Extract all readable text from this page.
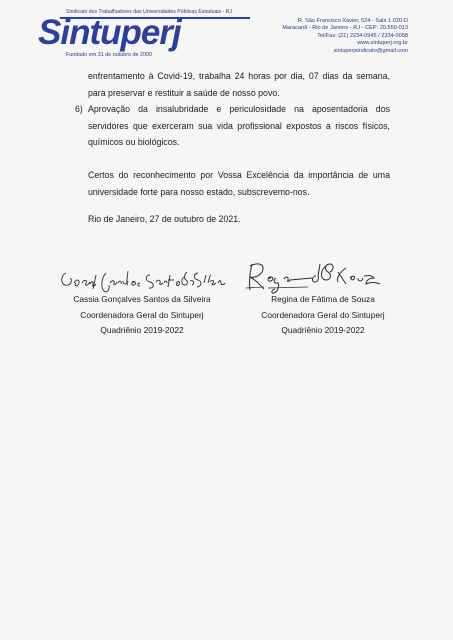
Sindicato dos Trabalhadores das Universidades Públicas Estaduais - RJ
Sintuperj
Fundado em 31 de outubro de 2000
R. São Francisco Xavier, 524 - Sala 1.020-D
Maracanã - Rio de Janeiro - RJ - CEP: 20.550-013
Tel/Fax: (21) 2234-0945 / 2334-0058
www.sintuperj.org.br
sintuperjsindicato@gmail.com
enfrentamento à Covid-19, trabalha 24 horas por dia, 07 dias da semana, para preservar e restituir a saúde de nosso povo.
6) Aprovação da insalubridade e periculosidade na aposentadoria dos servidores que exerceram sua vida profissional expostos a riscos físicos, químicos ou biológicos.
Certos do reconhecimento por Vossa Excelência da importância de uma universidade forte para nosso estado, subscrevemo-nos.
Rio de Janeiro, 27 de outubro de 2021.
Cassia Gonçalves Santos da Silveira
Coordenadora Geral do Sintuperj
Quadriênio 2019-2022
Regina de Fátima de Souza
Coordenadora Geral do Sintuperj
Quadriênio 2019-2022
